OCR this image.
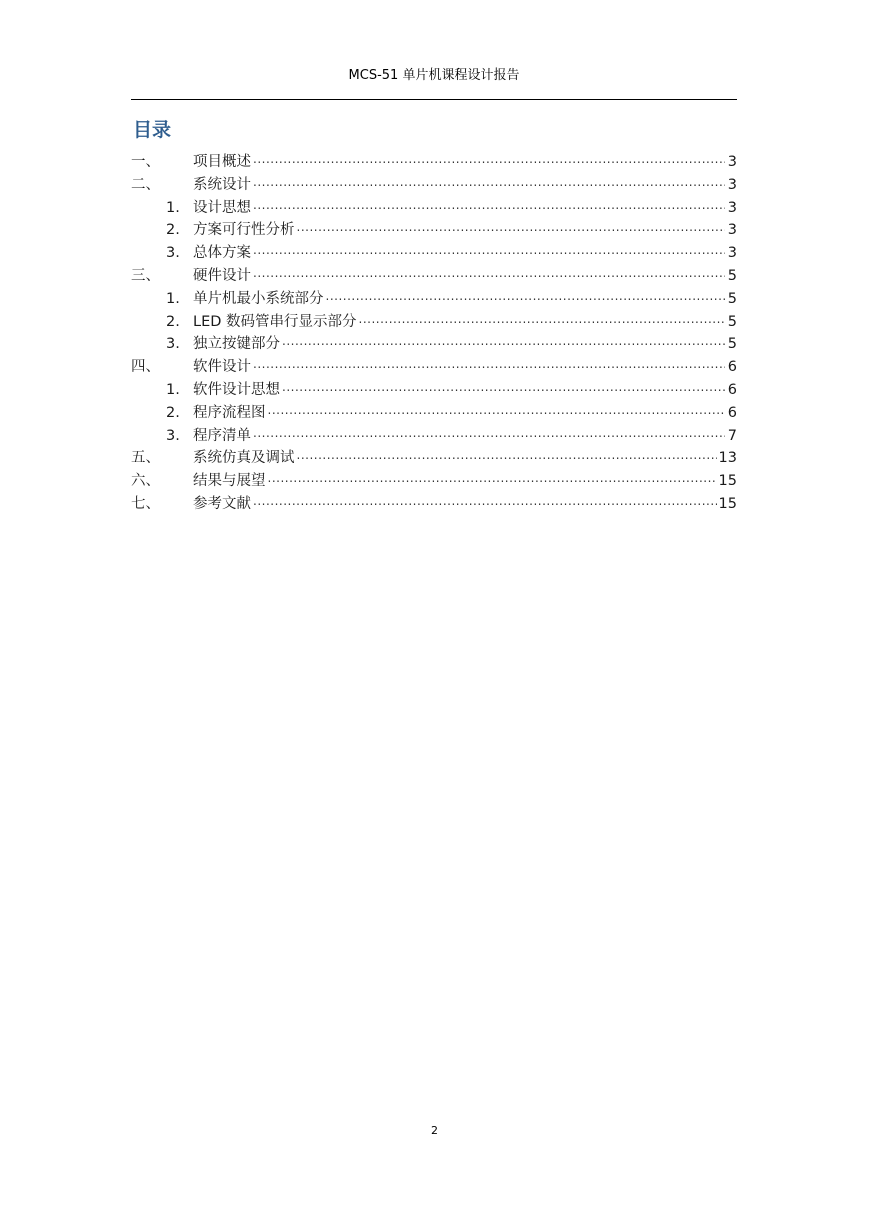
MCS-51 单片机课程设计报告
目录
一、	项目概述 .....	3
二、	系统设计 .....	3
1. 设计思想 .....	3
2. 方案可行性分析 .....	3
3. 总体方案 .....	3
三、	硬件设计 .....	5
1. 单片机最小系统部分 .....	5
2. LED 数码管串行显示部分 .....	5
3. 独立按键部分 .....	5
四、	软件设计 .....	6
1. 软件设计思想 .....	6
2. 程序流程图 .....	6
3. 程序清单 .....	7
五、	系统仿真及调试 .....	13
六、	结果与展望 .....	15
七、	参考文献 .....	15
2
